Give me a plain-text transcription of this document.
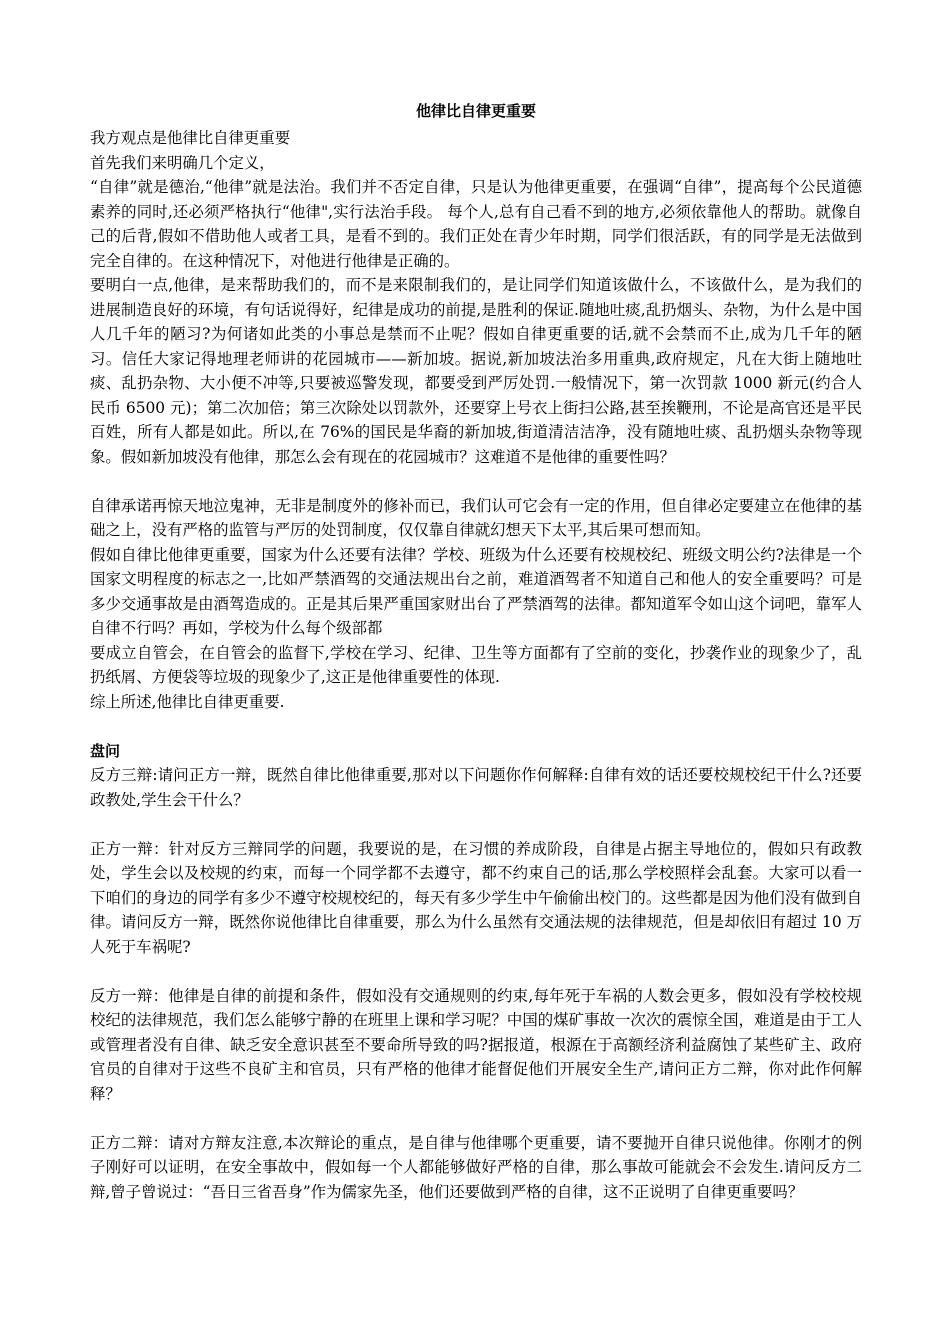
他律比自律更重要

我方观点是他律比自律更重要

首先我们来明确几个定义，

“自律”就是德治,“他律”就是法治。我们并不否定自律，只是认为他律更重要，在强调“自律”，提高每个公民道德素养的同时,还必须严格执行“他律",实行法治手段。 每个人,总有自己看不到的地方,必须依靠他人的帮助。就像自己的后背,假如不借助他人或者工具，是看不到的。我们正处在青少年时期，同学们很活跃，有的同学是无法做到完全自律的。在这种情况下，对他进行他律是正确的。

要明白一点,他律，是来帮助我们的，而不是来限制我们的，是让同学们知道该做什么，不该做什么，是为我们的进展制造良好的环境，有句话说得好，纪律是成功的前提,是胜利的保证.随地吐痰,乱扔烟头、杂物，为什么是中国人几千年的陋习?为何诸如此类的小事总是禁而不止呢？假如自律更重要的话,就不会禁而不止,成为几千年的陋习。信任大家记得地理老师讲的花园城市——新加坡。据说,新加坡法治多用重典,政府规定，凡在大街上随地吐痰、乱扔杂物、大小便不冲等,只要被巡警发现，都要受到严厉处罚.一般情况下，第一次罚款 1000 新元(约合人民币 6500 元)；第二次加倍；第三次除处以罚款外，还要穿上号衣上街扫公路,甚至挨鞭刑，不论是高官还是平民百姓，所有人都是如此。所以,在 76%的国民是华裔的新加坡,街道清洁洁净，没有随地吐痰、乱扔烟头杂物等现象。假如新加坡没有他律，那怎么会有现在的花园城市？这难道不是他律的重要性吗？

自律承诺再惊天地泣鬼神，无非是制度外的修补而已，我们认可它会有一定的作用，但自律必定要建立在他律的基础之上，没有严格的监管与严厉的处罚制度，仅仅靠自律就幻想天下太平,其后果可想而知。

假如自律比他律更重要，国家为什么还要有法律？学校、班级为什么还要有校规校纪、班级文明公约?法律是一个国家文明程度的标志之一,比如严禁酒驾的交通法规出台之前，难道酒驾者不知道自己和他人的安全重要吗？可是多少交通事故是由酒驾造成的。正是其后果严重国家财出台了严禁酒驾的法律。都知道军令如山这个词吧，靠军人自律不行吗？再如，学校为什么每个级部都

要成立自管会，在自管会的监督下,学校在学习、纪律、卫生等方面都有了空前的变化，抄袭作业的现象少了，乱扔纸屑、方便袋等垃圾的现象少了,这正是他律重要性的体现.

综上所述,他律比自律更重要.

盘问

反方三辩:请问正方一辩，既然自律比他律重要,那对以下问题你作何解释:自律有效的话还要校规校纪干什么?还要政教处,学生会干什么？

正方一辩：针对反方三辩同学的问题，我要说的是，在习惯的养成阶段，自律是占据主导地位的，假如只有政教处，学生会以及校规的约束，而每一个同学都不去遵守，都不约束自己的话,那么学校照样会乱套。大家可以看一下咱们的身边的同学有多少不遵守校规校纪的，每天有多少学生中午偷偷出校门的。这些都是因为他们没有做到自律。请问反方一辩，既然你说他律比自律重要，那么为什么虽然有交通法规的法律规范，但是却依旧有超过 10 万人死于车祸呢?

反方一辩：他律是自律的前提和条件，假如没有交通规则的约束,每年死于车祸的人数会更多，假如没有学校校规校纪的法律规范，我们怎么能够宁静的在班里上课和学习呢？中国的煤矿事故一次次的震惊全国，难道是由于工人或管理者没有自律、缺乏安全意识甚至不要命所导致的吗?据报道，根源在于高额经济利益腐蚀了某些矿主、政府官员的自律对于这些不良矿主和官员，只有严格的他律才能督促他们开展安全生产,请问正方二辩，你对此作何解释？

正方二辩：请对方辩友注意,本次辩论的重点，是自律与他律哪个更重要，请不要抛开自律只说他律。你刚才的例子刚好可以证明，在安全事故中，假如每一个人都能够做好严格的自律，那么事故可能就会不会发生.请问反方二辩,曾子曾说过：“吾日三省吾身”作为儒家先圣，他们还要做到严格的自律，这不正说明了自律更重要吗？
